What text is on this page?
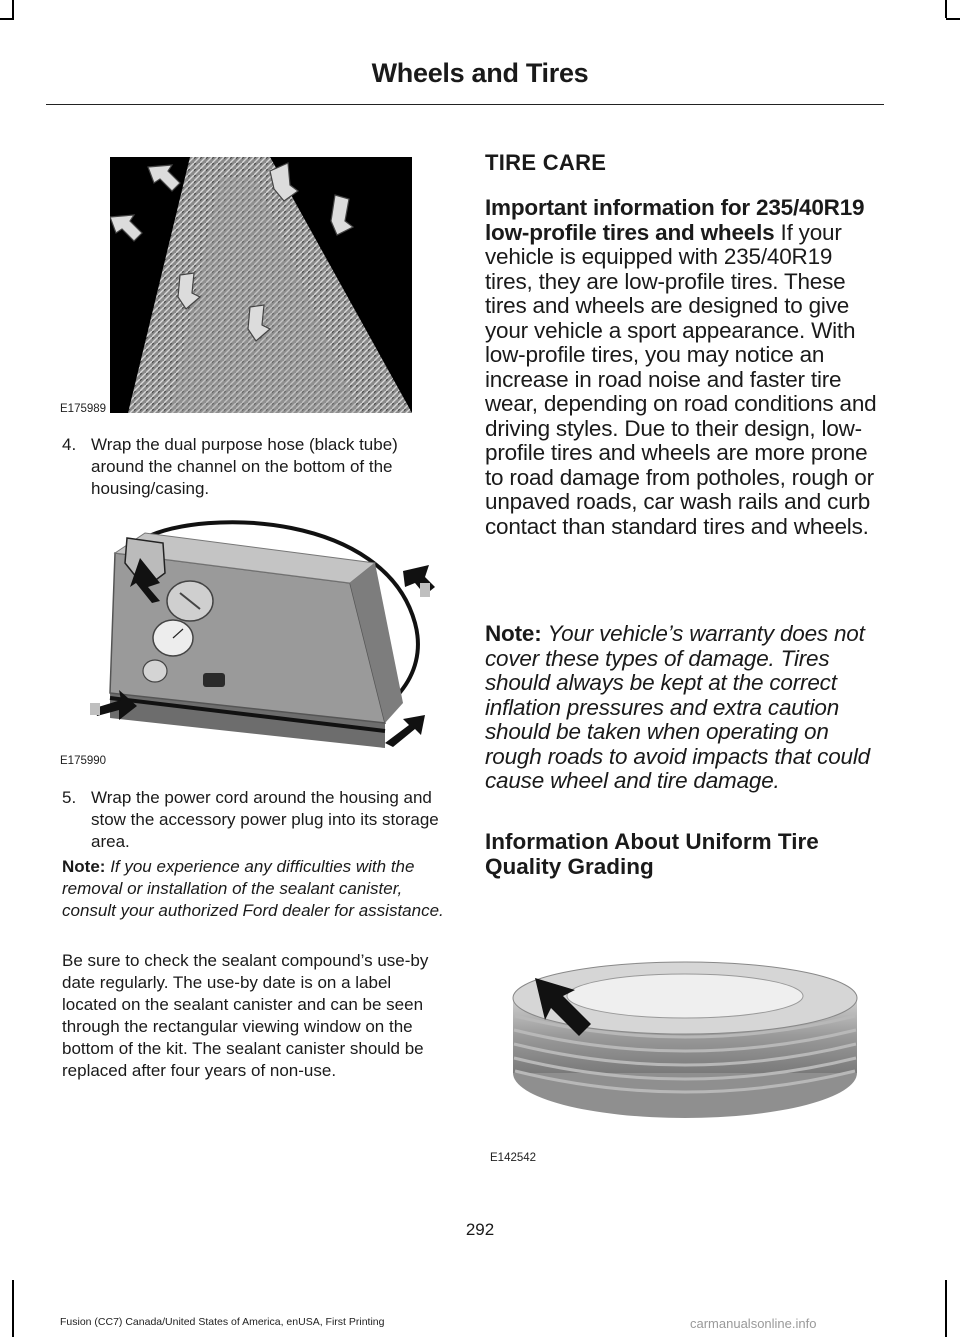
Wheels and Tires
E175989
4. Wrap the dual purpose hose (black tube) around the channel on the bottom of the housing/casing.
E175990
5. Wrap the power cord around the housing and stow the accessory power plug into its storage area.
Note: If you experience any difficulties with the removal or installation of the sealant canister, consult your authorized Ford dealer for assistance.
Be sure to check the sealant compound’s use-by date regularly. The use-by date is on a label located on the sealant canister and can be seen through the rectangular viewing window on the bottom of the kit. The sealant canister should be replaced after four years of non-use.
TIRE CARE
Important information for 235/40R19 low-profile tires and wheels If your vehicle is equipped with 235/40R19 tires, they are low-profile tires. These tires and wheels are designed to give your vehicle a sport appearance. With low-profile tires, you may notice an increase in road noise and faster tire wear, depending on road conditions and driving styles. Due to their design, low-profile tires and wheels are more prone to road damage from potholes, rough or unpaved roads, car wash rails and curb contact than standard tires and wheels.
Note: Your vehicle’s warranty does not cover these types of damage. Tires should always be kept at the correct inflation pressures and extra caution should be taken when operating on rough roads to avoid impacts that could cause wheel and tire damage.
Information About Uniform Tire Quality Grading
E142542
292
Fusion (CC7) Canada/United States of America, enUSA, First Printing	carmanualsonline.info
